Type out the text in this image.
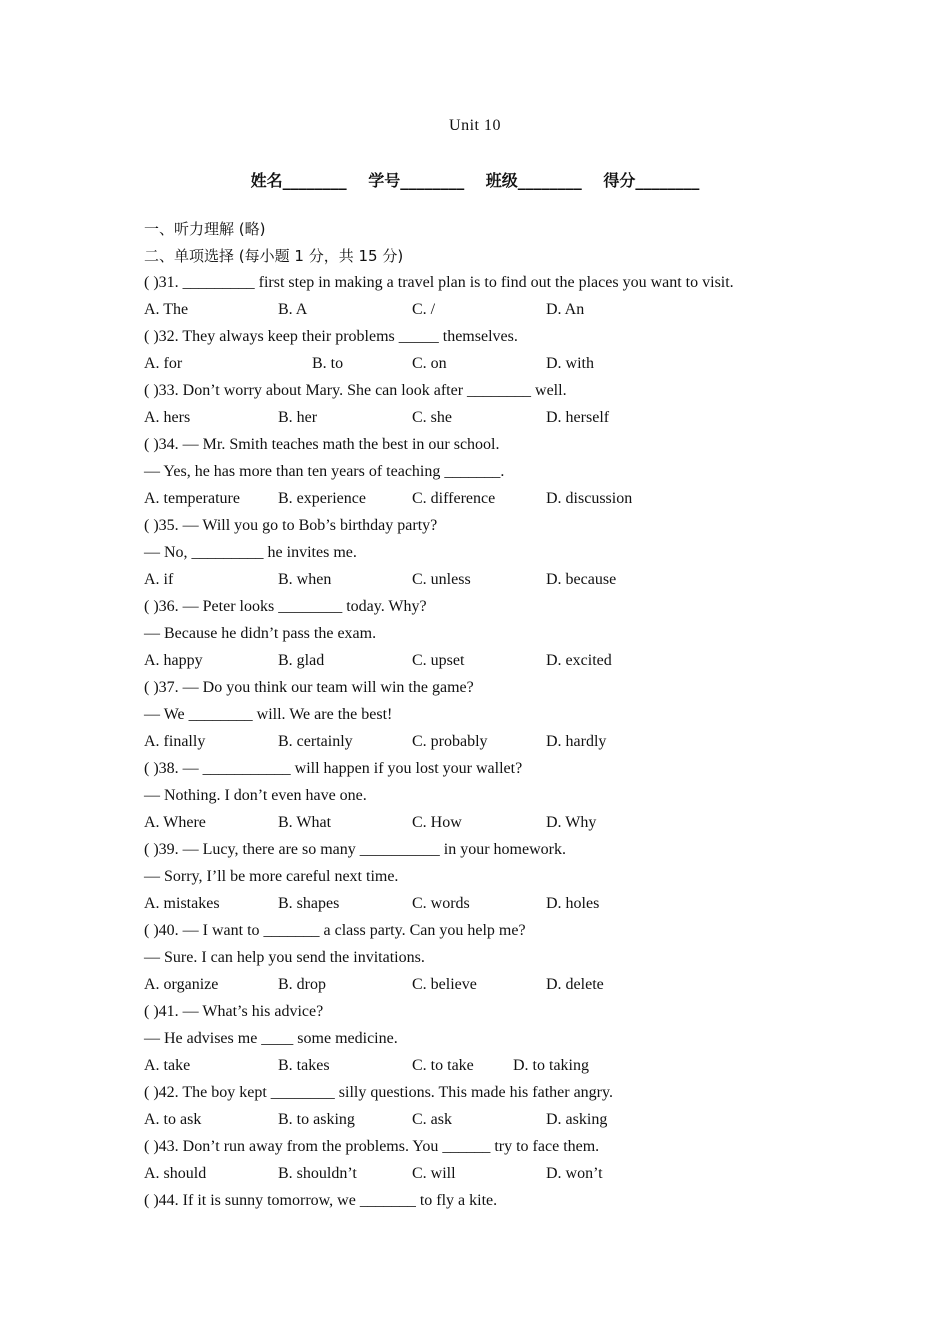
Unit 10
姓名________ 学号________ 班级________ 得分________
一、听力理解 (略)
二、单项选择 (每小题 1 分，共 15 分)
( )31. _________ first step in making a travel plan is to find out the places you want to visit.
A. The	B. A	C. /	D. An
( )32. They always keep their problems _____ themselves.
A. for	B. to	C. on	D. with
( )33. Don’t worry about Mary. She can look after ________ well.
A. hers	B. her	C. she	D. herself
( )34. — Mr. Smith teaches math the best in our school.
— Yes, he has more than ten years of teaching _______.
A. temperature B. experience	C. difference	D. discussion
( )35. — Will you go to Bob’s birthday party?
— No, _________ he invites me.
A. if	B. when	C. unless	D. because
( )36. — Peter looks ________ today. Why?
— Because he didn’t pass the exam.
A. happy	B. glad	C. upset	D. excited
( )37. — Do you think our team will win the game?
— We ________ will. We are the best!
A. finally	B. certainly	C. probably	D. hardly
( )38. — ___________ will happen if you lost your wallet?
— Nothing. I don’t even have one.
A. Where	B. What	C. How	D. Why
( )39. — Lucy, there are so many __________ in your homework.
— Sorry, I’ll be more careful next time.
A. mistakes	B. shapes	C. words	D. holes
( )40. — I want to _______ a class party. Can you help me?
— Sure. I can help you send the invitations.
A. organize	B. drop	C. believe	D. delete
( )41. — What’s his advice?
— He advises me ____ some medicine.
A. take	B. takes	C. to take D. to taking
( )42. The boy kept ________ silly questions. This made his father angry.
A. to ask	B. to asking	C. ask	D. asking
( )43. Don’t run away from the problems. You ______ try to face them.
A. should	B. shouldn’t	C. will	D. won’t
( )44. If it is sunny tomorrow, we _______ to fly a kite.
